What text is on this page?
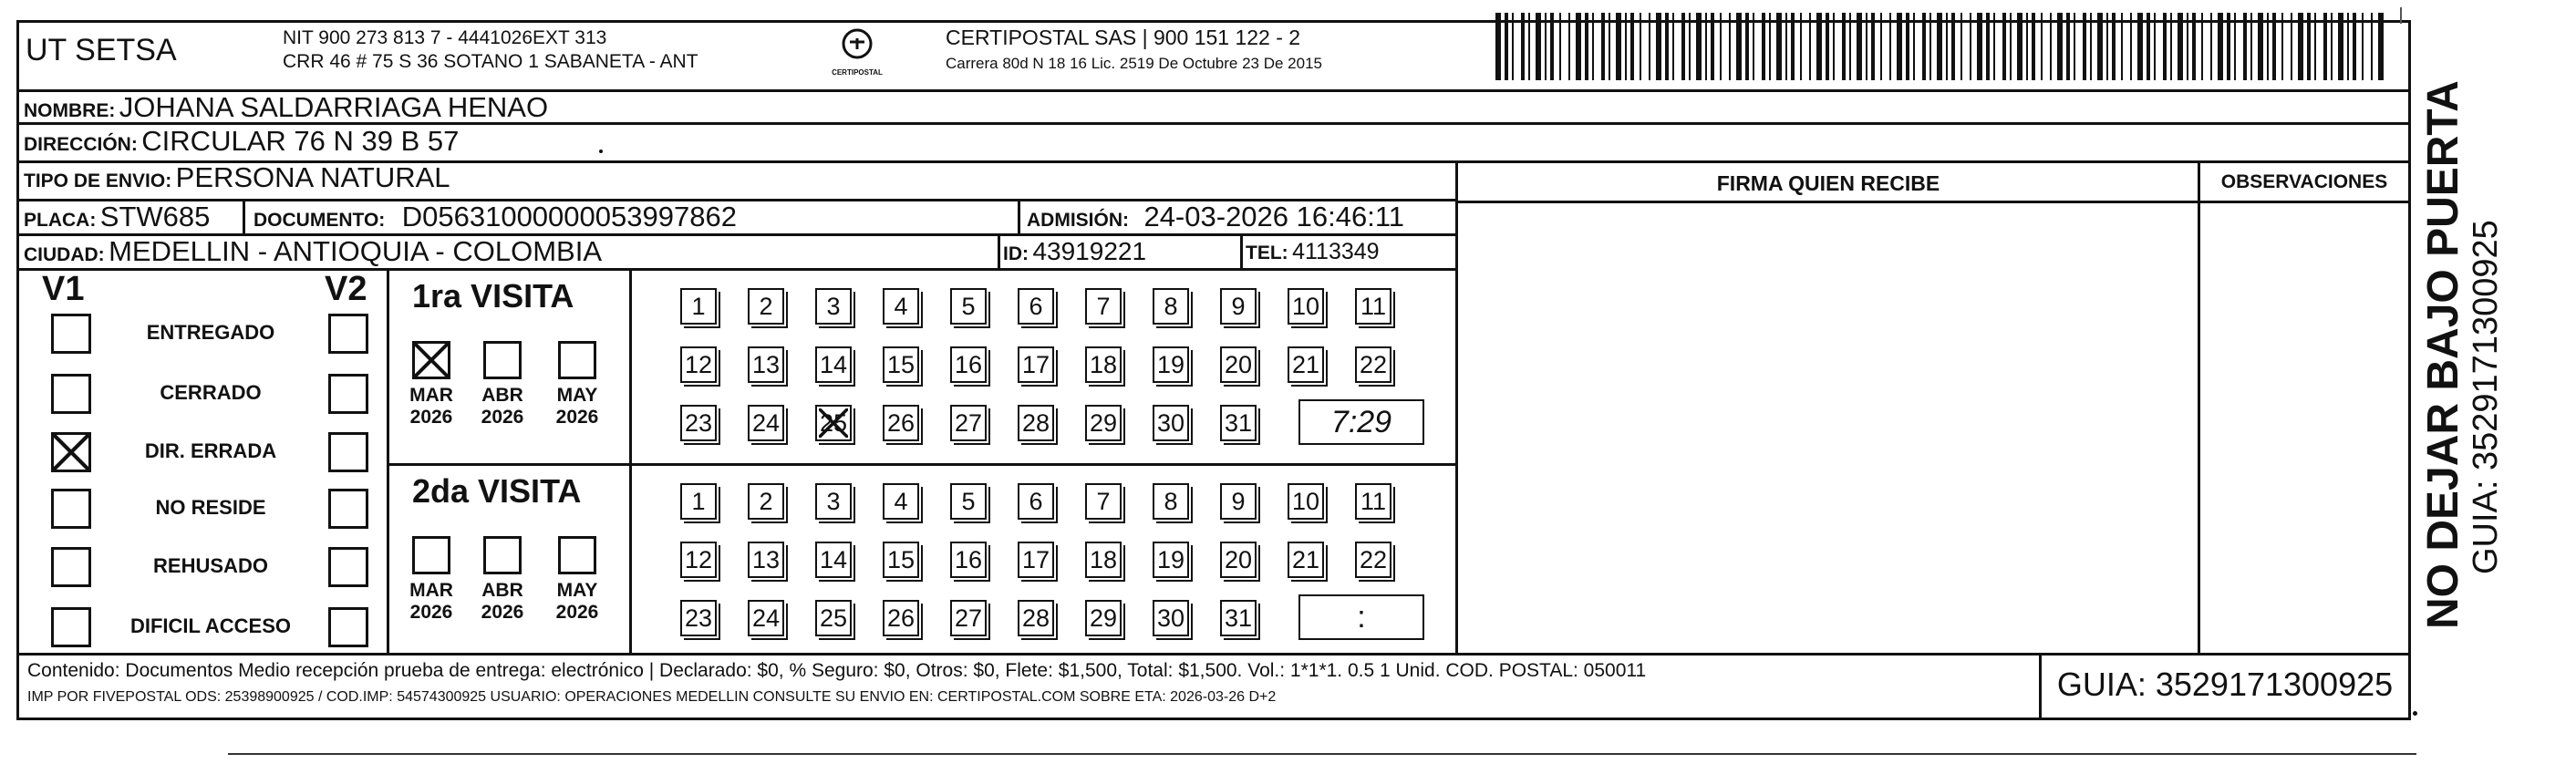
UT SETSA	NIT 900 273 813 7 - 4441026EXT 313
CRR 46 # 75 S 36 SOTANO 1 SABANETA - ANT
CERTIPOSTAL
CERTIPOSTAL SAS | 900 151 122 - 2
Carrera 80d N 18 16 Lic. 2519 De Octubre 23 De 2015
NOMBRE: JOHANA SALDARRIAGA HENAO
DIRECCIÓN: CIRCULAR 76 N 39 B 57
TIPO DE ENVIO: PERSONA NATURAL
PLACA: STW685 DOCUMENTO: D05631000000053997862	ADMISIÓN: 24-03-2026 16:46:11
CIUDAD: MEDELLIN - ANTIOQUIA - COLOMBIA	ID: 43919221	TEL: 4113349
FIRMA QUIEN RECIBE	OBSERVACIONES
V1	V2
ENTREGADO
CERRADO
DIR. ERRADA
NO RESIDE
REHUSADO
DIFICIL ACCESO
1ra VISITA
MAR
2026
ABR
2026
MAY
2026
1	2	3	4	5	6	7	8	9	10 11
12 13 14 15 16 17 18 19 20 21 22
23 24 25 26 27 28 29 30 31	7:29
2da VISITA
MAR
2026
ABR
2026
MAY
2026
1	2	3	4	5	6	7	8	9	10 11
12 13 14 15 16 17 18 19 20 21 22
23 24 25 26 27 28 29 30 31	:
Contenido: Documentos Medio recepción prueba de entrega: electrónico | Declarado: $0, % Seguro: $0, Otros: $0, Flete: $1,500, Total: $1,500. Vol.: 1*1*1. 0.5 1 Unid. COD. POSTAL: 050011
IMP POR FIVEPOSTAL ODS: 25398900925 / COD.IMP: 54574300925 USUARIO: OPERACIONES MEDELLIN CONSULTE SU ENVIO EN: CERTIPOSTAL.COM SOBRE ETA: 2026-03-26 D+2	GUIA: 3529171300925
NO DEJAR BAJO PUERTA GUIA: 3529171300925
